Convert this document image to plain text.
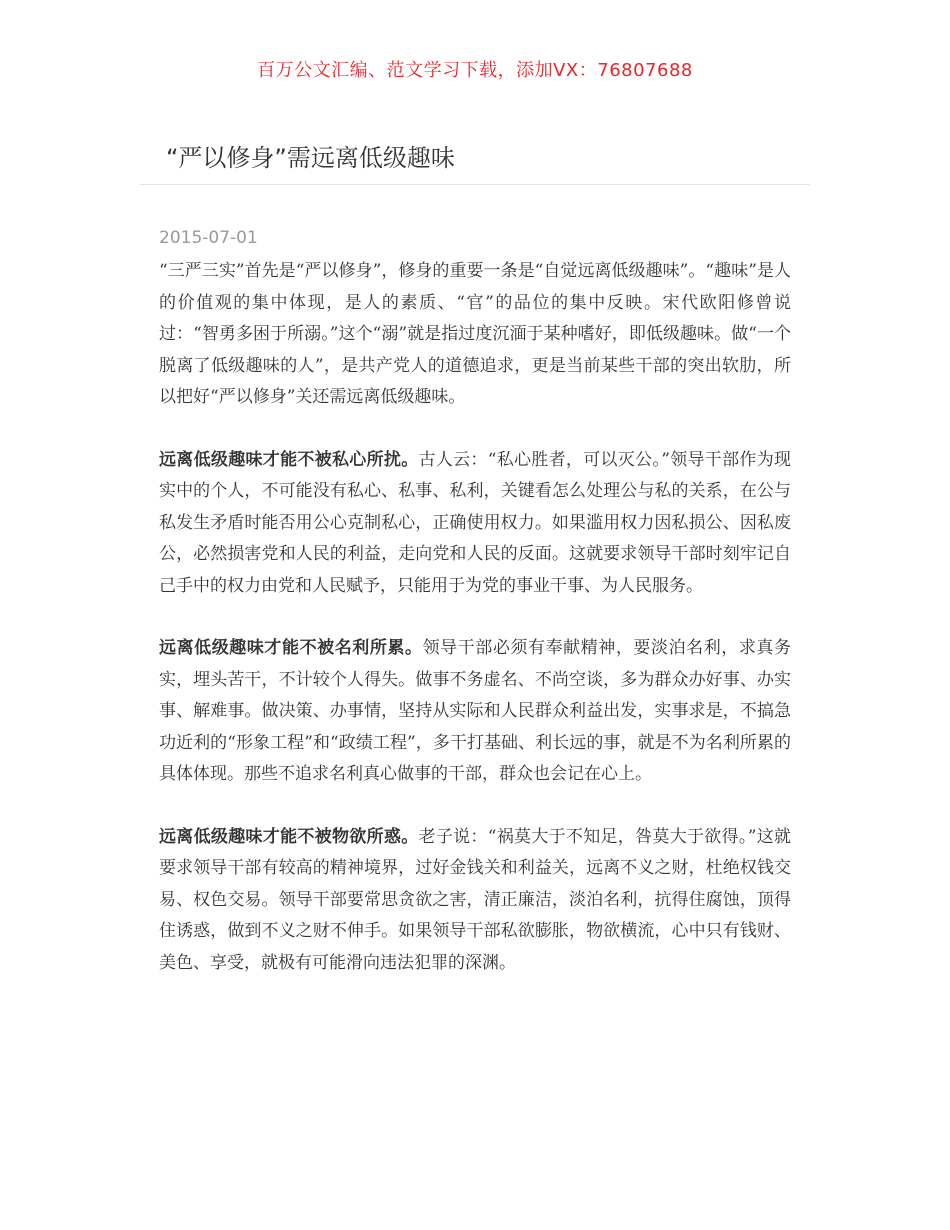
百万公文汇编、范文学习下载，添加VX：76807688
“严以修身”需远离低级趣味
2015-07-01

“三严三实”首先是“严以修身”，修身的重要一条是“自觉远离低级趣味”。“趣味”是人的价值观的集中体现，是人的素质、“官”的品位的集中反映。宋代欧阳修曾说过：“智勇多困于所溺。”这个“溺”就是指过度沉湎于某种嗜好，即低级趣味。做“一个脱离了低级趣味的人”，是共产党人的道德追求，更是当前某些干部的突出软肋，所以把好“严以修身”关还需远离低级趣味。

远离低级趣味才能不被私心所扰。古人云：“私心胜者，可以灭公。”领导干部作为现实中的个人，不可能没有私心、私事、私利，关键看怎么处理公与私的关系，在公与私发生矛盾时能否用公心克制私心，正确使用权力。如果滥用权力因私损公、因私废公，必然损害党和人民的利益，走向党和人民的反面。这就要求领导干部时刻牢记自己手中的权力由党和人民赋予，只能用于为党的事业干事、为人民服务。

远离低级趣味才能不被名利所累。领导干部必须有奉献精神，要淡泊名利，求真务实，埋头苦干，不计较个人得失。做事不务虚名、不尚空谈，多为群众办好事、办实事、解难事。做决策、办事情，坚持从实际和人民群众利益出发，实事求是，不搞急功近利的“形象工程”和“政绩工程”，多干打基础、利长远的事，就是不为名利所累的具体体现。那些不追求名利真心做事的干部，群众也会记在心上。

远离低级趣味才能不被物欲所惑。老子说：“祸莫大于不知足，咎莫大于欲得。”这就要求领导干部有较高的精神境界，过好金钱关和利益关，远离不义之财，杜绝权钱交易、权色交易。领导干部要常思贪欲之害，清正廉洁，淡泊名利，抗得住腐蚀，顶得住诱惑，做到不义之财不伸手。如果领导干部私欲膨胀，物欲横流，心中只有钱财、美色、享受，就极有可能滑向违法犯罪的深渊。
